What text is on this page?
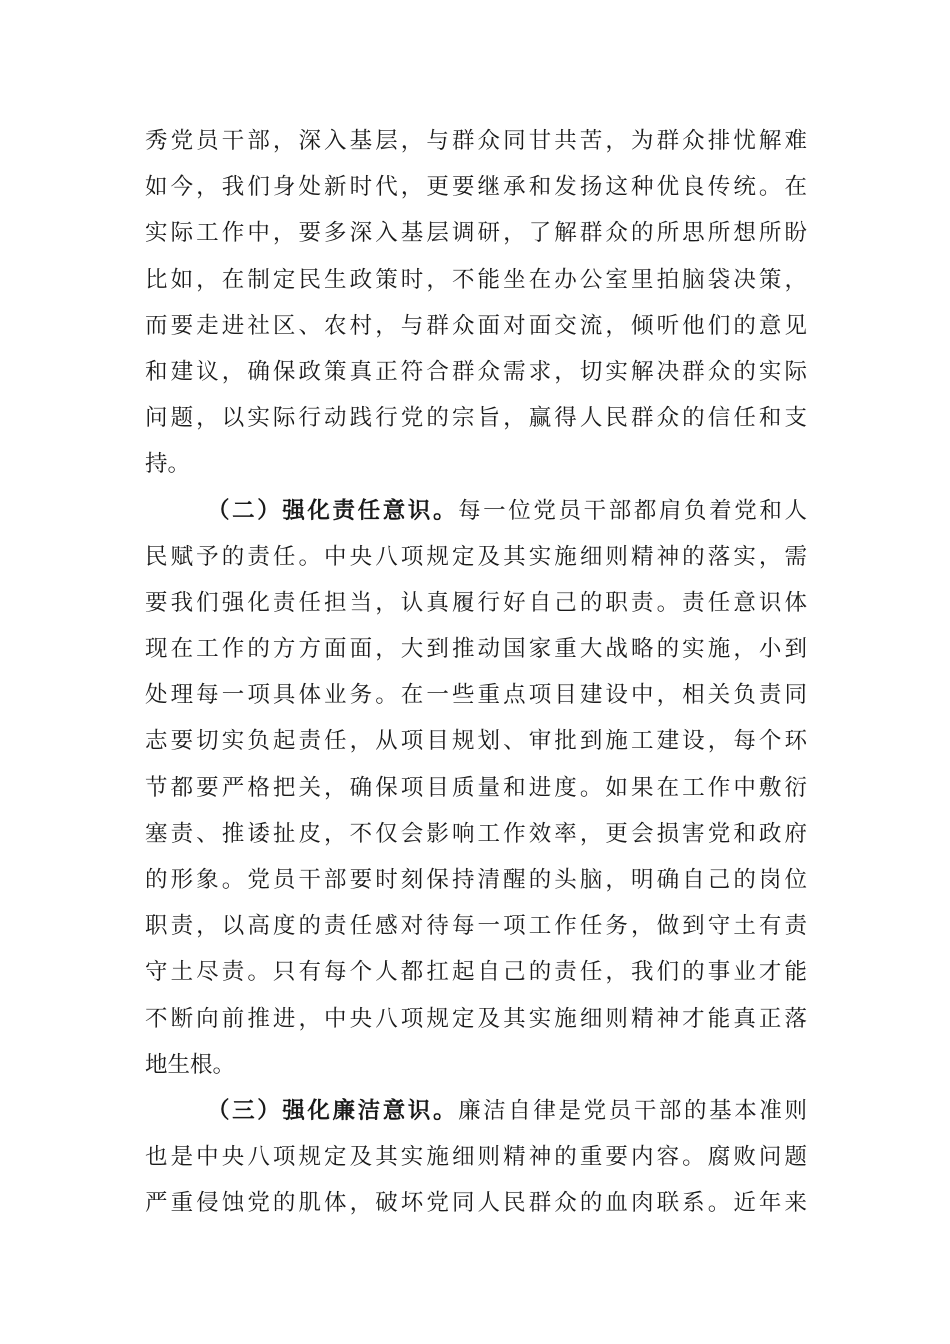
秀党员干部，深入基层，与群众同甘共苦，为群众排忧解难
如今，我们身处新时代，更要继承和发扬这种优良传统。在
实际工作中，要多深入基层调研，了解群众的所思所想所盼
比如，在制定民生政策时，不能坐在办公室里拍脑袋决策，
而要走进社区、农村，与群众面对面交流，倾听他们的意见
和建议，确保政策真正符合群众需求，切实解决群众的实际
问题，以实际行动践行党的宗旨，赢得人民群众的信任和支
持。
（二）强化责任意识。每一位党员干部都肩负着党和人
民赋予的责任。中央八项规定及其实施细则精神的落实，需
要我们强化责任担当，认真履行好自己的职责。责任意识体
现在工作的方方面面，大到推动国家重大战略的实施，小到
处理每一项具体业务。在一些重点项目建设中，相关负责同
志要切实负起责任，从项目规划、审批到施工建设，每个环
节都要严格把关，确保项目质量和进度。如果在工作中敷衍
塞责、推诿扯皮，不仅会影响工作效率，更会损害党和政府
的形象。党员干部要时刻保持清醒的头脑，明确自己的岗位
职责，以高度的责任感对待每一项工作任务，做到守土有责
守土尽责。只有每个人都扛起自己的责任，我们的事业才能
不断向前推进，中央八项规定及其实施细则精神才能真正落
地生根。
（三）强化廉洁意识。廉洁自律是党员干部的基本准则
也是中央八项规定及其实施细则精神的重要内容。腐败问题
严重侵蚀党的肌体，破坏党同人民群众的血肉联系。近年来
